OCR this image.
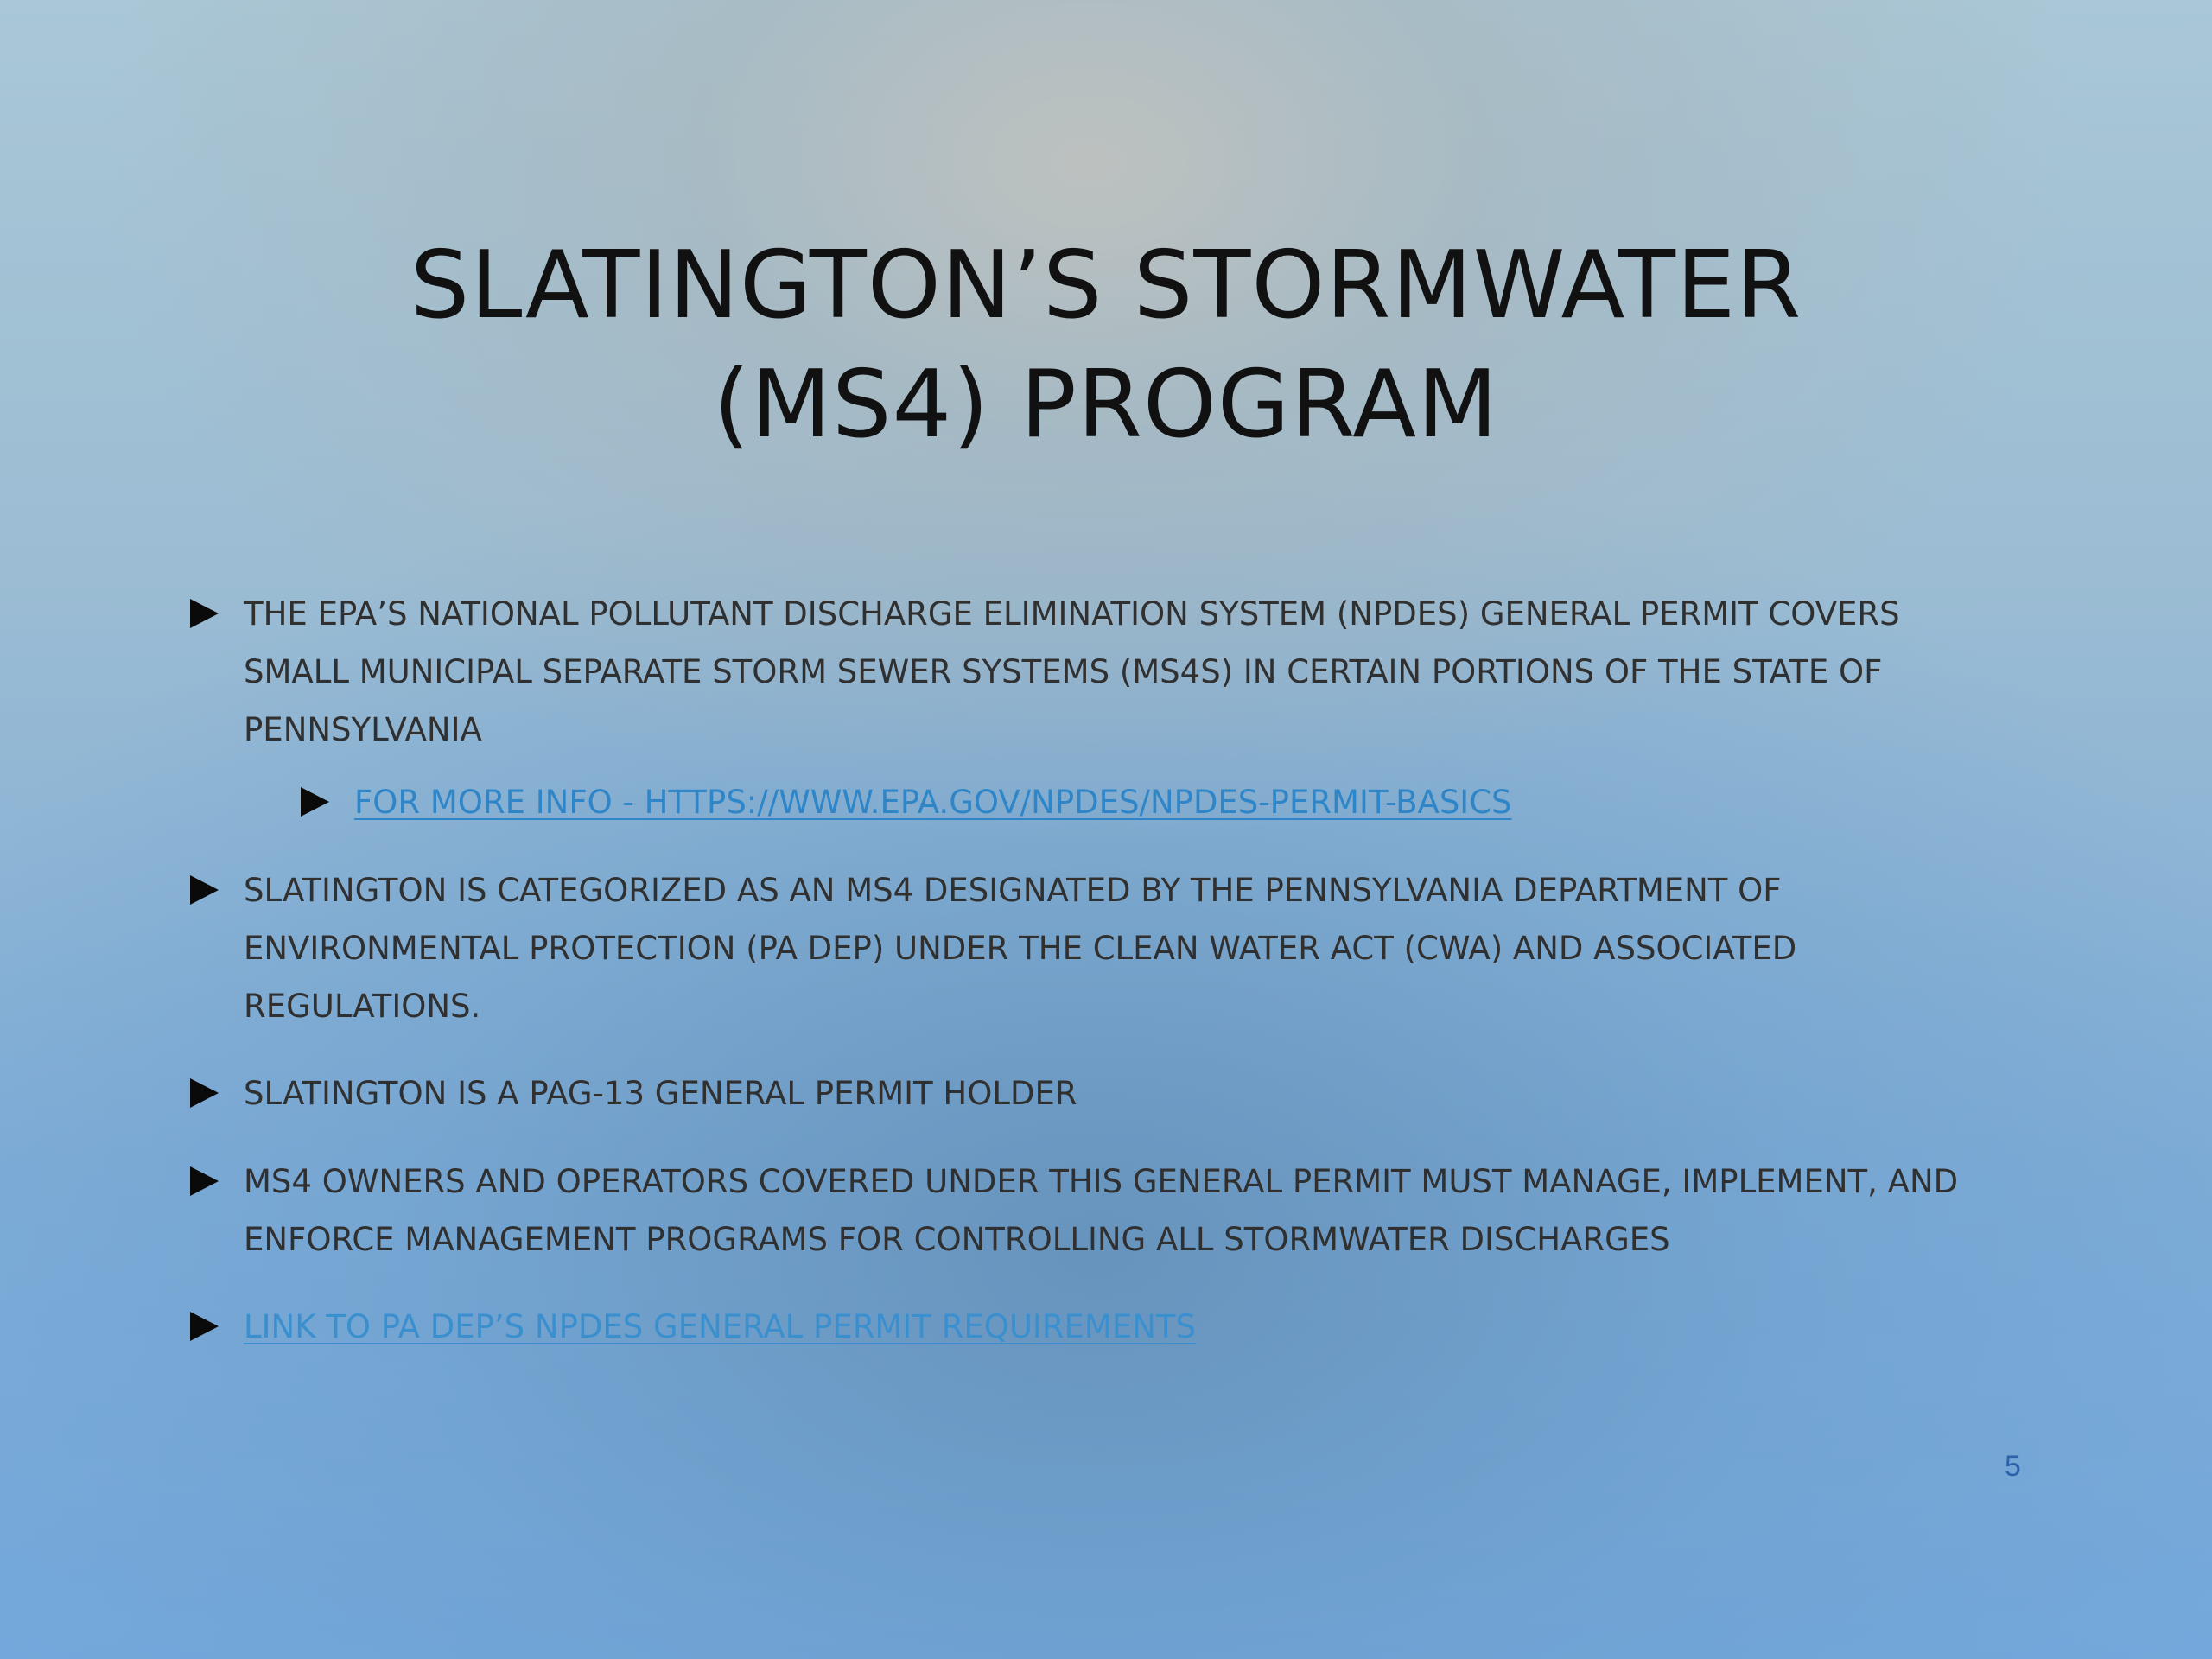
SLATINGTON’S STORMWATER
(MS4) PROGRAM
THE EPA’S NATIONAL POLLUTANT DISCHARGE ELIMINATION SYSTEM (NPDES) GENERAL PERMIT COVERS
SMALL MUNICIPAL SEPARATE STORM SEWER SYSTEMS (MS4S) IN CERTAIN PORTIONS OF THE STATE OF
PENNSYLVANIA
FOR MORE INFO - HTTPS://WWW.EPA.GOV/NPDES/NPDES-PERMIT-BASICS
SLATINGTON IS CATEGORIZED AS AN MS4 DESIGNATED BY THE PENNSYLVANIA DEPARTMENT OF
ENVIRONMENTAL PROTECTION (PA DEP) UNDER THE CLEAN WATER ACT (CWA) AND ASSOCIATED
REGULATIONS.
SLATINGTON IS A PAG-13 GENERAL PERMIT HOLDER
MS4 OWNERS AND OPERATORS COVERED UNDER THIS GENERAL PERMIT MUST MANAGE, IMPLEMENT, AND
ENFORCE MANAGEMENT PROGRAMS FOR CONTROLLING ALL STORMWATER DISCHARGES
LINK TO PA DEP’S NPDES GENERAL PERMIT REQUIREMENTS
5
